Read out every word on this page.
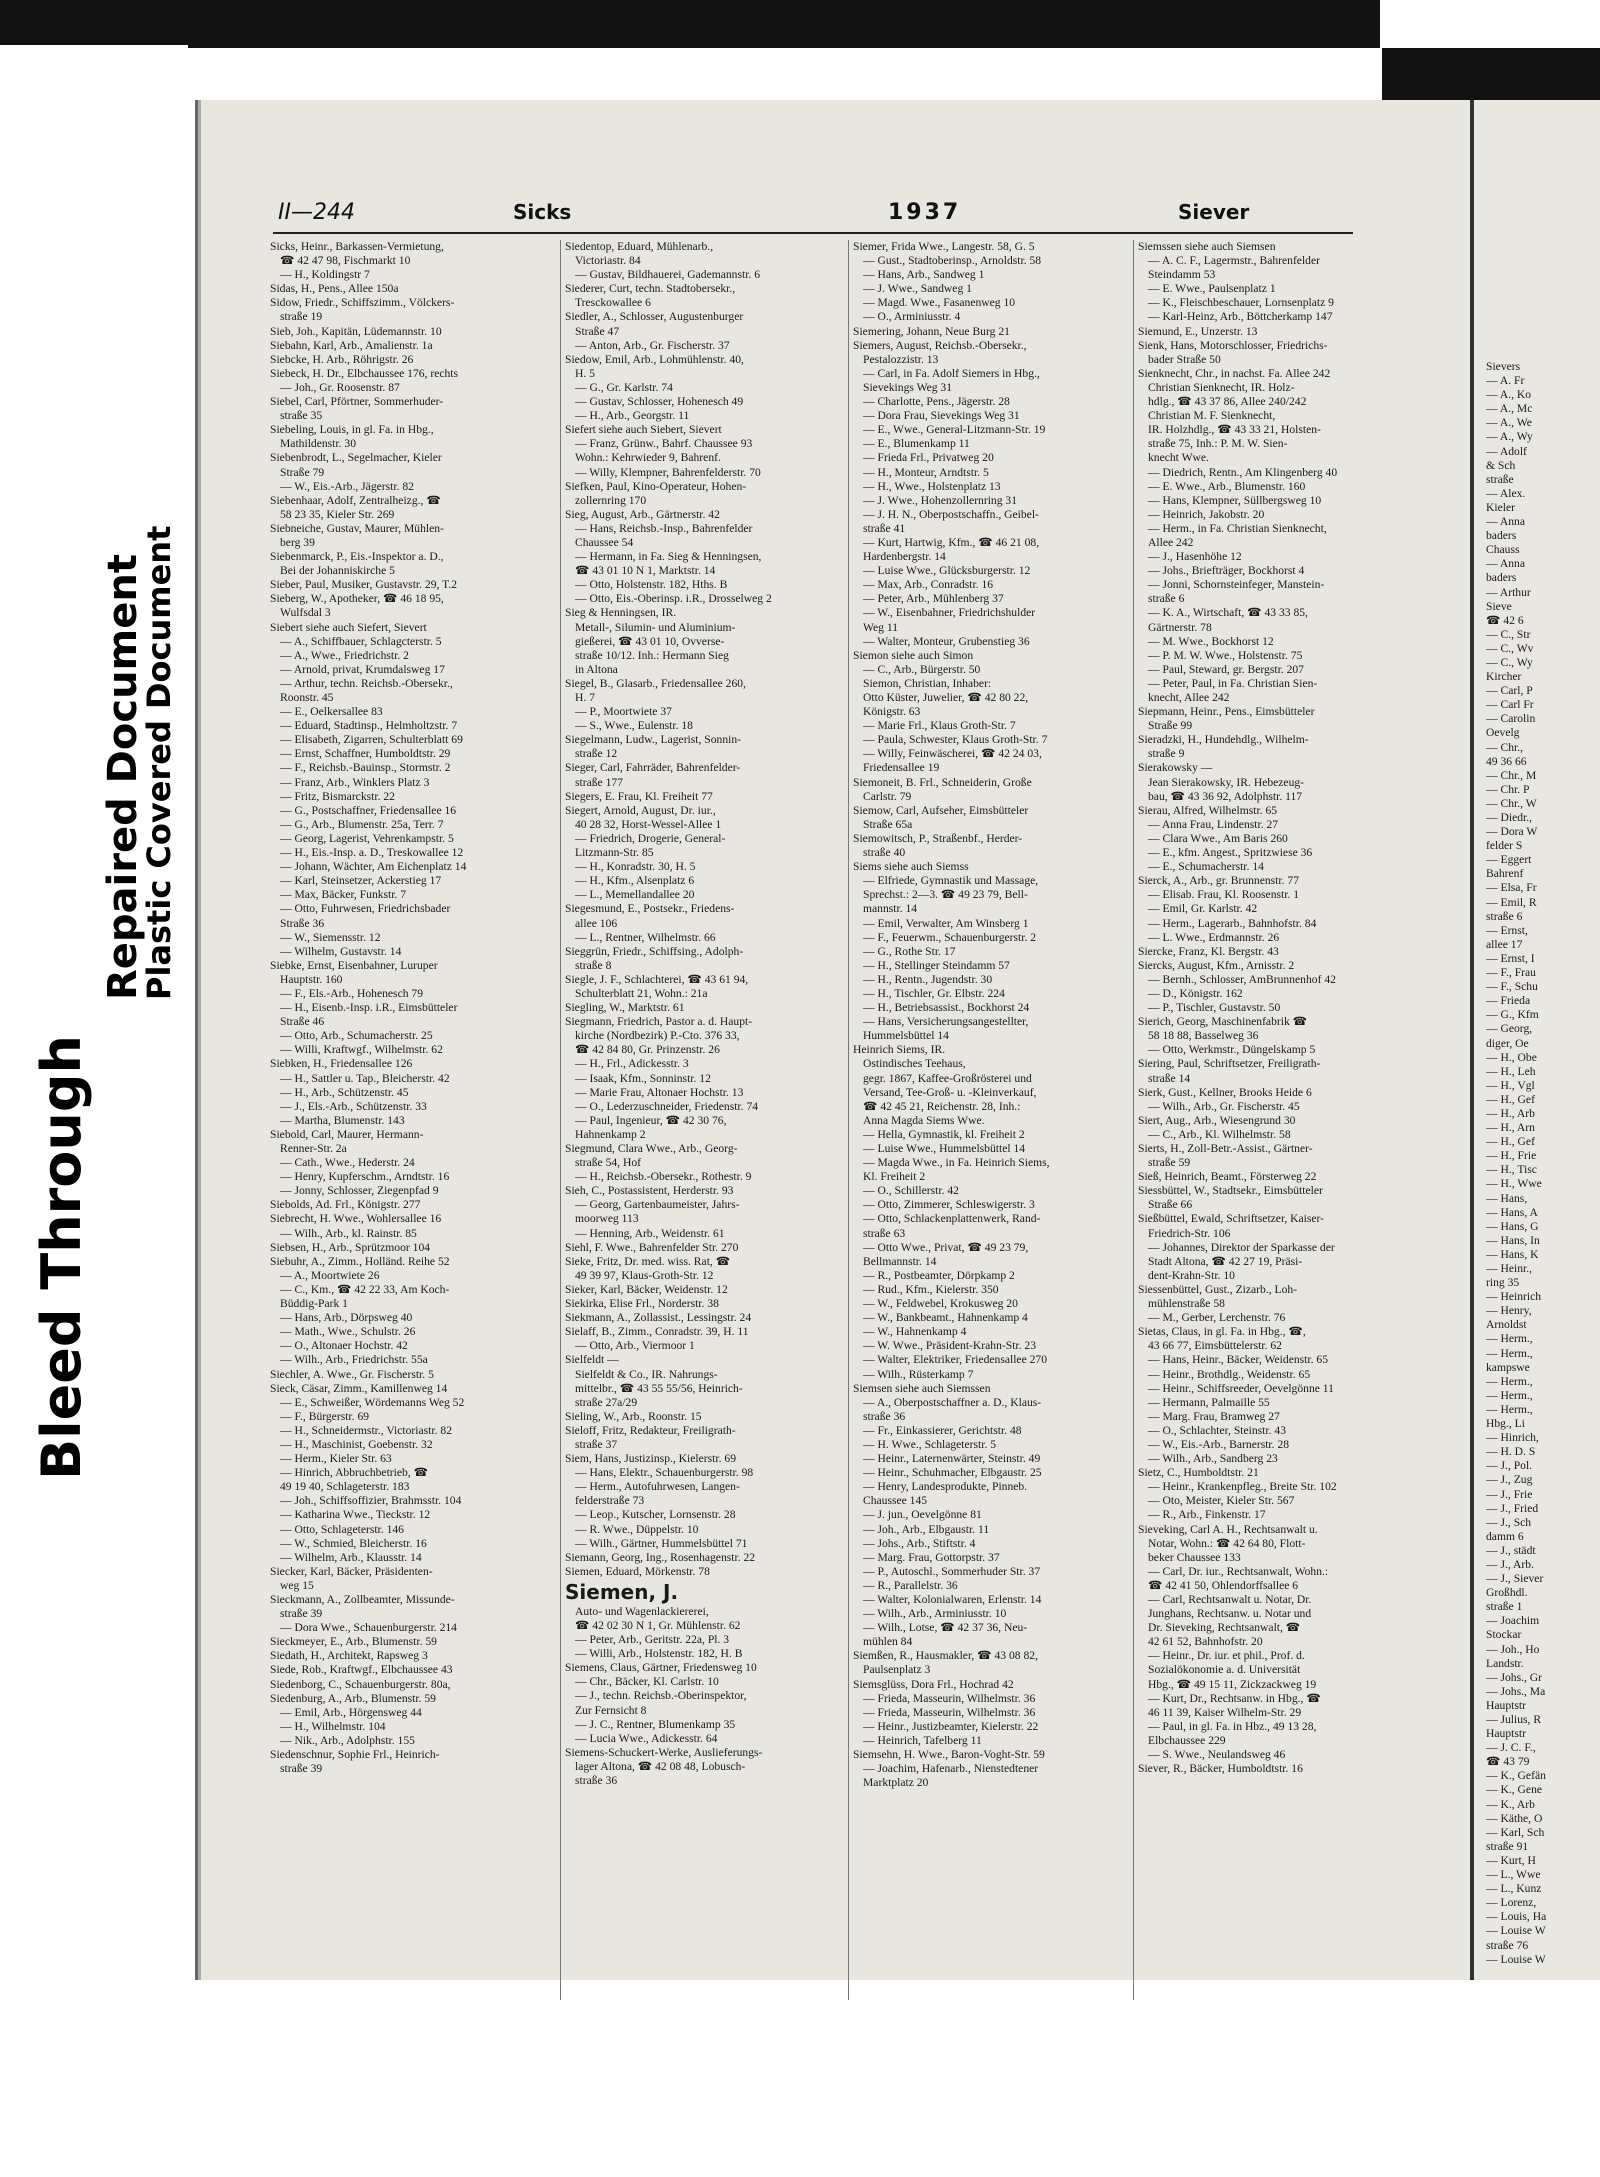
Repaired Document
Plastic Covered Document
II—244	Sicks	1937	Siever
Sicks, Heinr., Barkassen-Vermietung,
☎ 42 47 98, Fischmarkt 10
— H., Koldingstr 7
Sidas, H., Pens., Allee 150a
Sidow, Friedr., Schiffszimm., Völckers-
straße 19
Sieb, Joh., Kapitän, Lüdemannstr. 10
Siebahn, Karl, Arb., Amalienstr. 1a
Siebcke, H. Arb., Röhrigstr. 26
Siebeck, H. Dr., Elbchaussee 176, rechts
— Joh., Gr. Roosenstr. 87
Siebel, Carl, Pförtner, Sommerhuder-
straße 35
Siebeling, Louis, in gl. Fa. in Hbg.,
Mathildenstr. 30
Siebenbrodt, L., Segelmacher, Kieler
Straße 79
— W., Eis.-Arb., Jägerstr. 82
Siebenhaar, Adolf, Zentralheizg., ☎
58 23 35, Kieler Str. 269
Siebneiche, Gustav, Maurer, Mühlen-
berg 39
Siebenmarck, P., Eis.-Inspektor a. D.,
Bei der Johanniskirche 5
Sieber, Paul, Musiker, Gustavstr. 29, T.2
Sieberg, W., Apotheker, ☎ 46 18 95,
Wulfsdal 3
Siebert siehe auch Siefert, Sievert
— A., Schiffbauer, Schlagcterstr. 5
— A., Wwe., Friedrichstr. 2
— Arnold, privat, Krumdalsweg 17
— Arthur, techn. Reichsb.-Obersekr.,
Roonstr. 45
— E., Oelkersallee 83
— Eduard, Stadtinsp., Helmholtzstr. 7
— Elisabeth, Zigarren, Schulterblatt 69
— Ernst, Schaffner, Humboldtstr. 29
— F., Reichsb.-Bauinsp., Stormstr. 2
— Franz, Arb., Winklers Platz 3
— Fritz, Bismarckstr. 22
— G., Postschaffner, Friedensallee 16
— G., Arb., Blumenstr. 25a, Terr. 7
— Georg, Lagerist, Vehrenkampstr. 5
— H., Eis.-Insp. a. D., Treskowallee 12
— Johann, Wächter, Am Eichenplatz 14
— Karl, Steinsetzer, Ackerstieg 17
— Max, Bäcker, Funkstr. 7
— Otto, Fuhrwesen, Friedrichsbader
Straße 36
— W., Siemensstr. 12
— Wilhelm, Gustavstr. 14
Siebke, Ernst, Eisenbahner, Luruper
Hauptstr. 160
— F., Els.-Arb., Hohenesch 79
— H., Eisenb.-Insp. i.R., Eimsbütteler
Straße 46
— Otto, Arb., Schumacherstr. 25
— Willi, Kraftwgf., Wilhelmstr. 62
Siebken, H., Friedensallee 126
— H., Sattler u. Tap., Bleicherstr. 42
— H., Arb., Schützenstr. 45
— J., Els.-Arb., Schützenstr. 33
— Martha, Blumenstr. 143
Siebold, Carl, Maurer, Hermann-
Renner-Str. 2a
— Cath., Wwe., Hederstr. 24
— Henry, Kupferschm., Arndtstr. 16
— Jonny, Schlosser, Ziegenpfad 9
Siebolds, Ad. Frl., Königstr. 277
Siebrecht, H. Wwe., Wohlersallee 16
— Wilh., Arb., kl. Rainstr. 85
Siebsen, H., Arb., Sprützmoor 104
Siebuhr, A., Zimm., Holländ. Reihe 52
— A., Moortwiete 26
— C., Km., ☎ 42 22 33, Am Koch-
Büddig-Park 1
— Hans, Arb., Dörpsweg 40
— Math., Wwe., Schulstr. 26
— O., Altonaer Hochstr. 42
— Wilh., Arb., Friedrichstr. 55a
Siechler, A. Wwe., Gr. Fischerstr. 5
Sieck, Cäsar, Zimm., Kamillenweg 14
— E., Schweißer, Wördemanns Weg 52
— F., Bürgerstr. 69
— H., Schneidermstr., Victoriastr. 82
— H., Maschinist, Goebenstr. 32
— Herm., Kieler Str. 63
— Hinrich, Abbruchbetrieb, ☎
49 19 40, Schlageterstr. 183
— Joh., Schiffsoffizier, Brahmsstr. 104
— Katharina Wwe., Tieckstr. 12
— Otto, Schlageterstr. 146
— W., Schmied, Bleicherstr. 16
— Wilhelm, Arb., Klausstr. 14
Siecker, Karl, Bäcker, Präsidenten-
weg 15
Sieckmann, A., Zollbeamter, Missunde-
straße 39
— Dora Wwe., Schauenburgerstr. 214
Sieckmeyer, E., Arb., Blumenstr. 59
Siedath, H., Architekt, Rapsweg 3
Siede, Rob., Kraftwgf., Elbchaussee 43
Siedenborg, C., Schauenburgerstr. 80a,
Siedenburg, A., Arb., Blumenstr. 59
— Emil, Arb., Hörgensweg 44
— H., Wilhelmstr. 104
— Nik., Arb., Adolphstr. 155
Siedenschnur, Sophie Frl., Heinrich-
straße 39
Siedentop, Eduard, Mühlenarb.,
Victoriastr. 84
— Gustav, Bildhauerei, Gademannstr. 6
Siederer, Curt, techn. Stadtobersekr.,
Tresckowallee 6
Siedler, A., Schlosser, Augustenburger
Straße 47
— Anton, Arb., Gr. Fischerstr. 37
Siedow, Emil, Arb., Lohmühlenstr. 40,
H. 5
— G., Gr. Karlstr. 74
— Gustav, Schlosser, Hohenesch 49
— H., Arb., Georgstr. 11
Siefert siehe auch Siebert, Sievert
— Franz, Grünw., Bahrf. Chaussee 93
Wohn.: Kehrwieder 9, Bahrenf.
— Willy, Klempner, Bahrenfelderstr. 70
Siefken, Paul, Kino-Operateur, Hohen-
zollernring 170
Sieg, August, Arb., Gärtnerstr. 42
— Hans, Reichsb.-Insp., Bahrenfelder
Chaussee 54
— Hermann, in Fa. Sieg & Henningsen,
☎ 43 01 10 N 1, Marktstr. 14
— Otto, Holstenstr. 182, Hths. B
— Otto, Eis.-Oberinsp. i.R., Drosselweg 2
Sieg & Henningsen, IR.
Metall-, Silumin- und Aluminium-
gießerei, ☎ 43 01 10, Ovverse-
straße 10/12. Inh.: Hermann Sieg
in Altona
Siegel, B., Glasarb., Friedensallee 260,
H. 7
— P., Moortwiete 37
— S., Wwe., Eulenstr. 18
Siegelmann, Ludw., Lagerist, Sonnin-
straße 12
Sieger, Carl, Fahrräder, Bahrenfelder-
straße 177
Siegers, E. Frau, Kl. Freiheit 77
Siegert, Arnold, August, Dr. iur.,
40 28 32, Horst-Wessel-Allee 1
— Friedrich, Drogerie, General-
Litzmann-Str. 85
— H., Konradstr. 30, H. 5
— H., Kfm., Alsenplatz 6
— L., Memellandallee 20
Siegesmund, E., Postsekr., Friedens-
allee 106
— L., Rentner, Wilhelmstr. 66
Sieggrün, Friedr., Schiffsing., Adolph-
straße 8
Siegle, J. F., Schlachterei, ☎ 43 61 94,
Schulterblatt 21, Wohn.: 21a
Siegling, W., Marktstr. 61
Siegmann, Friedrich, Pastor a. d. Haupt-
kirche (Nordbezirk) P.-Cto. 376 33,
☎ 42 84 80, Gr. Prinzenstr. 26
— H., Frl., Adickesstr. 3
— Isaak, Kfm., Sonninstr. 12
— Marie Frau, Altonaer Hochstr. 13
— O., Lederzuschneider, Friedenstr. 74
— Paul, Ingenieur, ☎ 42 30 76,
Hahnenkamp 2
Siegmund, Clara Wwe., Arb., Georg-
straße 54, Hof
— H., Reichsb.-Obersekr., Rothestr. 9
Sieh, C., Postassistent, Herderstr. 93
— Georg, Gartenbaumeister, Jahrs-
moorweg 113
— Henning, Arb., Weidenstr. 61
Siehl, F. Wwe., Bahrenfelder Str. 270
Sieke, Fritz, Dr. med. wiss. Rat, ☎
49 39 97, Klaus-Groth-Str. 12
Sieker, Karl, Bäcker, Weidenstr. 12
Siekirka, Elise Frl., Norderstr. 38
Siekmann, A., Zollassist., Lessingstr. 24
Sielaff, B., Zimm., Conradstr. 39, H. 11
— Otto, Arb., Viermoor 1
Sielfeldt —
Sielfeldt & Co., IR. Nahrungs-
mittelbr., ☎ 43 55 55/56, Heinrich-
straße 27a/29
Sieling, W., Arb., Roonstr. 15
Sieloff, Fritz, Redakteur, Freiligrath-
straße 37
Siem, Hans, Justizinsp., Kielerstr. 69
— Hans, Elektr., Schauenburgerstr. 98
— Herm., Autofuhrwesen, Langen-
felderstraße 73
— Leop., Kutscher, Lornsenstr. 28
— R. Wwe., Düppelstr. 10
— Wilh., Gärtner, Hummelsbüttel 71
Siemann, Georg, Ing., Rosenhagenstr. 22
Siemen, Eduard, Mörkenstr. 78
Siemen, J.
Auto- und Wagenlackiererei,
☎ 42 02 30 N 1, Gr. Mühlenstr. 62
— Peter, Arb., Geritstr. 22a, Pl. 3
— Willi, Arb., Holstenstr. 182, H. B
Siemens, Claus, Gärtner, Friedensweg 10
— Chr., Bäcker, Kl. Carlstr. 10
— J., techn. Reichsb.-Oberinspektor,
Zur Fernsicht 8
— J. C., Rentner, Blumenkamp 35
— Lucia Wwe., Adickesstr. 64
Siemens-Schuckert-Werke, Auslieferungs-
lager Altona, ☎ 42 08 48, Lobusch-
straße 36
Siemer, Frida Wwe., Langestr. 58, G. 5
— Gust., Stadtoberinsp., Arnoldstr. 58
— Hans, Arb., Sandweg 1
— J. Wwe., Sandweg 1
— Magd. Wwe., Fasanenweg 10
— O., Arminiusstr. 4
Siemering, Johann, Neue Burg 21
Siemers, August, Reichsb.-Obersekr.,
Pestalozzistr. 13
— Carl, in Fa. Adolf Siemers in Hbg.,
Sievekings Weg 31
— Charlotte, Pens., Jägerstr. 28
— Dora Frau, Sievekings Weg 31
— E., Wwe., General-Litzmann-Str. 19
— E., Blumenkamp 11
— Frieda Frl., Privatweg 20
— H., Monteur, Arndtstr. 5
— H., Wwe., Holstenplatz 13
— J. Wwe., Hohenzollernring 31
— J. H. N., Oberpostschaffn., Geibel-
straße 41
— Kurt, Hartwig, Kfm., ☎ 46 21 08,
Hardenbergstr. 14
— Luise Wwe., Glücksburgerstr. 12
— Max, Arb., Conradstr. 16
— Peter, Arb., Mühlenberg 37
— W., Eisenbahner, Friedrichshulder
Weg 11
— Walter, Monteur, Grubenstieg 36
Siemon siehe auch Simon
— C., Arb., Bürgerstr. 50
Siemon, Christian, Inhaber:
Otto Küster, Juwelier, ☎ 42 80 22,
Königstr. 63
— Marie Frl., Klaus Groth-Str. 7
— Paula, Schwester, Klaus Groth-Str. 7
— Willy, Feinwäscherei, ☎ 42 24 03,
Friedensallee 19
Siemoneit, B. Frl., Schneiderin, Große
Carlstr. 79
Siemow, Carl, Aufseher, Eimsbütteler
Straße 65a
Siemowitsch, P., Straßenbf., Herder-
straße 40
Siems siehe auch Siemss
— Elfriede, Gymnastik und Massage,
Sprechst.: 2—3. ☎ 49 23 79, Bell-
mannstr. 14
— Emil, Verwalter, Am Winsberg 1
— F., Feuerwm., Schauenburgerstr. 2
— G., Rothe Str. 17
— H., Stellinger Steindamm 57
— H., Rentn., Jugendstr. 30
— H., Tischler, Gr. Elbstr. 224
— H., Betriebsassist., Bockhorst 24
— Hans, Versicherungsangestellter,
Hummelsbüttel 14
Heinrich Siems, IR.
Ostindisches Teehaus,
gegr. 1867, Kaffee-Großrösterei und
Versand, Tee-Groß- u. -Kleinverkauf,
☎ 42 45 21, Reichenstr. 28, Inh.:
Anna Magda Siems Wwe.
— Hella, Gymnastik, kl. Freiheit 2
— Luise Wwe., Hummelsbüttel 14
— Magda Wwe., in Fa. Heinrich Siems,
Kl. Freiheit 2
— O., Schillerstr. 42
— Otto, Zimmerer, Schleswigerstr. 3
— Otto, Schlackenplattenwerk, Rand-
straße 63
— Otto Wwe., Privat, ☎ 49 23 79,
Bellmannstr. 14
— R., Postbeamter, Dörpkamp 2
— Rud., Kfm., Kielerstr. 350
— W., Feldwebel, Krokusweg 20
— W., Bankbeamt., Hahnenkamp 4
— W., Hahnenkamp 4
— W. Wwe., Präsident-Krahn-Str. 23
— Walter, Elektriker, Friedensallee 270
— Wilh., Rüsterkamp 7
Siemsen siehe auch Siemssen
— A., Oberpostschaffner a. D., Klaus-
straße 36
— Fr., Einkassierer, Gerichtstr. 48
— H. Wwe., Schlageterstr. 5
— Heinr., Laternenwärter, Steinstr. 49
— Heinr., Schuhmacher, Elbgaustr. 25
— Henry, Landesprodukte, Pinneb.
Chaussee 145
— J. jun., Oevelgönne 81
— Joh., Arb., Elbgaustr. 11
— Johs., Arb., Stiftstr. 4
— Marg. Frau, Gottorpstr. 37
— P., Autoschl., Sommerhuder Str. 37
— R., Parallelstr. 36
— Walter, Kolonialwaren, Erlenstr. 14
— Wilh., Arb., Arminiusstr. 10
— Wilh., Lotse, ☎ 42 37 36, Neu-
mühlen 84
Siemßen, R., Hausmakler, ☎ 43 08 82,
Paulsenplatz 3
Siemsglüss, Dora Frl., Hochrad 42
— Frieda, Masseurin, Wilhelmstr. 36
— Frieda, Masseurin, Wilhelmstr. 36
— Heinr., Justizbeamter, Kielerstr. 22
— Heinrich, Tafelberg 11
Siemsehn, H. Wwe., Baron-Voght-Str. 59
— Joachim, Hafenarb., Nienstedtener
Marktplatz 20
Siemssen siehe auch Siemsen
— A. C. F., Lagermstr., Bahrenfelder
Steindamm 53
— E. Wwe., Paulsenplatz 1
— K., Fleischbeschauer, Lornsenplatz 9
— Karl-Heinz, Arb., Böttcherkamp 147
Siemund, E., Unzerstr. 13
Sienk, Hans, Motorschlosser, Friedrichs-
bader Straße 50
Sienknecht, Chr., in nachst. Fa. Allee 242
Christian Sienknecht, IR. Holz-
hdlg., ☎ 43 37 86, Allee 240/242
Christian M. F. Sienknecht,
IR. Holzhdlg., ☎ 43 33 21, Holsten-
straße 75, Inh.: P. M. W. Sien-
knecht Wwe.
— Diedrich, Rentn., Am Klingenberg 40
— E. Wwe., Arb., Blumenstr. 160
— Hans, Klempner, Süllbergsweg 10
— Heinrich, Jakobstr. 20
— Herm., in Fa. Christian Sienknecht,
Allee 242
— J., Hasenhöhe 12
— Johs., Briefträger, Bockhorst 4
— Jonni, Schornsteinfeger, Manstein-
straße 6
— K. A., Wirtschaft, ☎ 43 33 85,
Gärtnerstr. 78
— M. Wwe., Bockhorst 12
— P. M. W. Wwe., Holstenstr. 75
— Paul, Steward, gr. Bergstr. 207
— Peter, Paul, in Fa. Christian Sien-
knecht, Allee 242
Siepmann, Heinr., Pens., Eimsbütteler
Straße 99
Sieradzki, H., Hundehdlg., Wilhelm-
straße 9
Sierakowsky —
Jean Sierakowsky, IR. Hebezeug-
bau, ☎ 43 36 92, Adolphstr. 117
Sierau, Alfred, Wilhelmstr. 65
— Anna Frau, Lindenstr. 27
— Clara Wwe., Am Baris 260
— E., kfm. Angest., Spritzwiese 36
— E., Schumacherstr. 14
Sierck, A., Arb., gr. Brunnenstr. 77
— Elisab. Frau, Kl. Roosenstr. 1
— Emil, Gr. Karlstr. 42
— Herm., Lagerarb., Bahnhofstr. 84
— L. Wwe., Erdmannstr. 26
Siercke, Franz, Kl. Bergstr. 43
Siercks, August, Kfm., Arnisstr. 2
— Bernh., Schlosser, AmBrunnenhof 42
— D., Königstr. 162
— P., Tischler, Gustavstr. 50
Sierich, Georg, Maschinenfabrik ☎
58 18 88, Basselweg 36
— Otto, Werkmstr., Düngelskamp 5
Siering, Paul, Schriftsetzer, Freiligrath-
straße 14
Sierk, Gust., Kellner, Brooks Heide 6
— Wilh., Arb., Gr. Fischerstr. 45
Siert, Aug., Arb., Wiesengrund 30
— C., Arb., Kl. Wilhelmstr. 58
Sierts, H., Zoll-Betr.-Assist., Gärtner-
straße 59
Sieß, Heinrich, Beamt., Försterweg 22
Siessbüttel, W., Stadtsekr., Eimsbütteler
Straße 66
Sießbüttel, Ewald, Schriftsetzer, Kaiser-
Friedrich-Str. 106
— Johannes, Direktor der Sparkasse der
Stadt Altona, ☎ 42 27 19, Präsi-
dent-Krahn-Str. 10
Siessenbüttel, Gust., Zizarb., Loh-
mühlenstraße 58
— M., Gerber, Lerchenstr. 76
Sietas, Claus, in gl. Fa. in Hbg., ☎,
43 66 77, Eimsbüttelerstr. 62
— Hans, Heinr., Bäcker, Weidenstr. 65
— Heinr., Brothdlg., Weidenstr. 65
— Heinr., Schiffsreeder, Oevelgönne 11
— Hermann, Palmaille 55
— Marg. Frau, Bramweg 27
— O., Schlachter, Steinstr. 43
— W., Eis.-Arb., Barnerstr. 28
— Wilh., Arb., Sandberg 23
Sietz, C., Humboldtstr. 21
— Heinr., Krankenpfleg., Breite Str. 102
— Oto, Meister, Kieler Str. 567
— R., Arb., Finkenstr. 17
Sieveking, Carl A. H., Rechtsanwalt u.
Notar, Wohn.: ☎ 42 64 80, Flott-
beker Chaussee 133
— Carl, Dr. iur., Rechtsanwalt, Wohn.:
☎ 42 41 50, Ohlendorffsallee 6
— Carl, Rechtsanwalt u. Notar, Dr.
Junghans, Rechtsanw. u. Notar und
Dr. Sieveking, Rechtsanwalt, ☎
42 61 52, Bahnhofstr. 20
— Heinr., Dr. iur. et phil., Prof. d.
Sozialökonomie a. d. Universität
Hbg., ☎ 49 15 11, Zickzackweg 19
— Kurt, Dr., Rechtsanw. in Hbg., ☎
46 11 39, Kaiser Wilhelm-Str. 29
— Paul, in gl. Fa. in Hbz., 49 13 28,
Elbchaussee 229
— S. Wwe., Neulandsweg 46
Siever, R., Bäcker, Humboldtstr. 16
Sievers
— A. Fr
— A., Ko
— A., Mc
— A., We
— A., Wy
— Adolf
& Sch
straße
— Alex.
Kieler
— Anna
baders
Chauss
— Anna
baders
— Arthur
Sieve
☎ 42 6
— C., Str
— C., Wv
— C., Wy
Kircher
— Carl, P
— Carl Fr
— Carolin
Oevelg
— Chr.,
49 36 66
— Chr., M
— Chr. P
— Chr., W
— Diedr.,
— Dora W
felder S
— Eggert
Bahrenf
— Elsa, Fr
— Emil, R
straße 6
— Ernst,
allee 17
— Ernst, I
— F., Frau
— F., Schu
— Frieda
— G., Kfm
— Georg,
diger, Oe
— H., Obe
— H., Leh
— H., Vgl
— H., Gef
— H., Arb
— H., Arn
— H., Gef
— H., Frie
— H., Tisc
— H., Wwe
— Hans,
— Hans, A
— Hans, G
— Hans, In
— Hans, K
— Heinr.,
ring 35
— Heinrich
— Henry,
Arnoldst
— Herm.,
— Herm.,
kampswe
— Herm.,
— Herm.,
— Herm.,
Hbg., Li
— Hinrich,
— H. D. S
— J., Pol.
— J., Zug
— J., Frie
— J., Fried
— J., Sch
damm 6
— J., städt
— J., Arb.
— J., Siever
Großhdl.
straße 1
— Joachim
Stockar
— Joh., Ho
Landstr.
— Johs., Gr
— Johs., Ma
Hauptstr
— Julius, R
Hauptstr
— J. C. F.,
☎ 43 79
— K., Gefän
— K., Gene
— K., Arb
— Käthe, O
— Karl, Sch
straße 91
— Kurt, H
— L., Wwe
— L., Kunz
— Lorenz,
— Louis, Ha
— Louise W
straße 76
— Louise W
